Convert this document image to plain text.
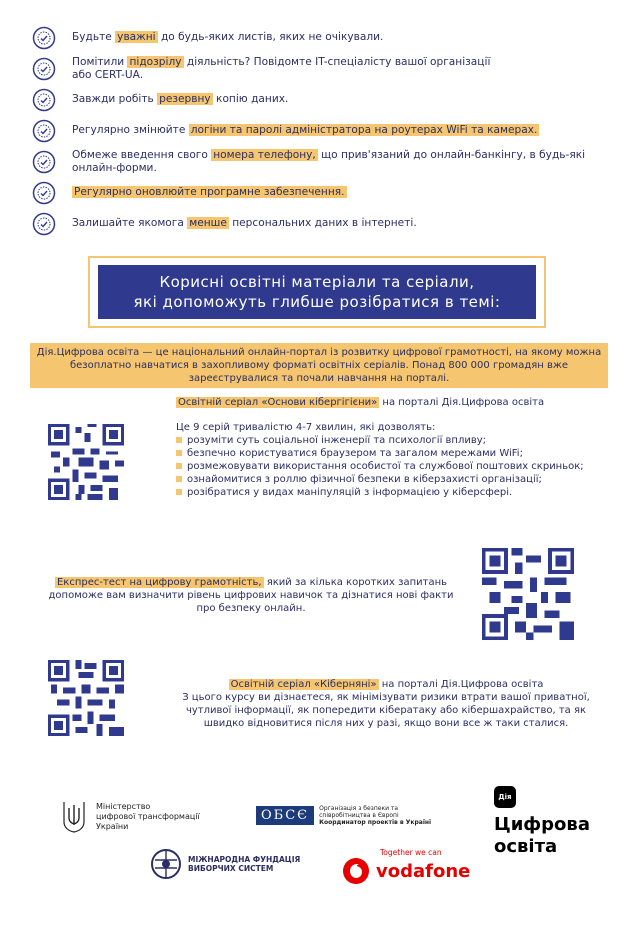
Будьте уважні до будь-яких листів, яких не очікували.
Помітили підозрілу діяльність? Повідомте IT-спеціалісту вашої організації або CERT-UA.
Завжди робіть резервну копію даних.
Регулярно змінюйте логіни та паролі адміністратора на роутерах WiFi та камерах.
Обмеже введення свого номера телефону, що прив'язаний до онлайн-банкінгу, в будь-які онлайн-форми.
Регулярно оновлюйте програмне забезпечення.
Залишайте якомога менше персональних даних в інтернеті.
Корисні освітні матеріали та серіали,
які допоможуть глибше розібратися в темі:
Дія.Цифрова освіта — це національний онлайн-портал із розвитку цифрової грамотності, на якому можна безоплатно навчатися в захопливому форматі освітніх серіалів. Понад 800 000 громадян вже зареєструвалися та почали навчання на порталі.
Освітній серіал «Основи кібергігієни» на порталі Дія.Цифрова освіта
Це 9 серій тривалістю 4-7 хвилин, які дозволять:
розуміти суть соціальної інженерії та психології впливу;
безпечно користуватися браузером та загалом мережами WiFi;
розмежовувати використання особистої та службової поштових скриньок;
ознайомитися з роллю фізичної безпеки в кіберзахисті організації;
розібратися у видах маніпуляцій з інформацією у кіберсфері.
Експрес-тест на цифрову грамотність, який за кілька коротких запитань допоможе вам визначити рівень цифрових навичок та дізнатися нові факти про безпеку онлайн.
Освітній серіал «Кіберняні» на порталі Дія.Цифрова освіта
З цього курсу ви дізнаєтеся, як мінімізувати ризики втрати вашої приватної, чутливої інформації, як попередити кібератаку або кібершахрайство, та як швидко відновитися після них у разі, якщо вони все ж таки сталися.
Міністерство
цифрової трансформації
України
ОБСЄ	Організація з безпеки та
співробітництва в Європі
Координатор проектів в Україні
МІЖНАРОДНА ФУНДАЦІЯ
ВИБОРЧИХ СИСТЕМ
Together we can
vodafone
Дія
Цифрова
освіта
